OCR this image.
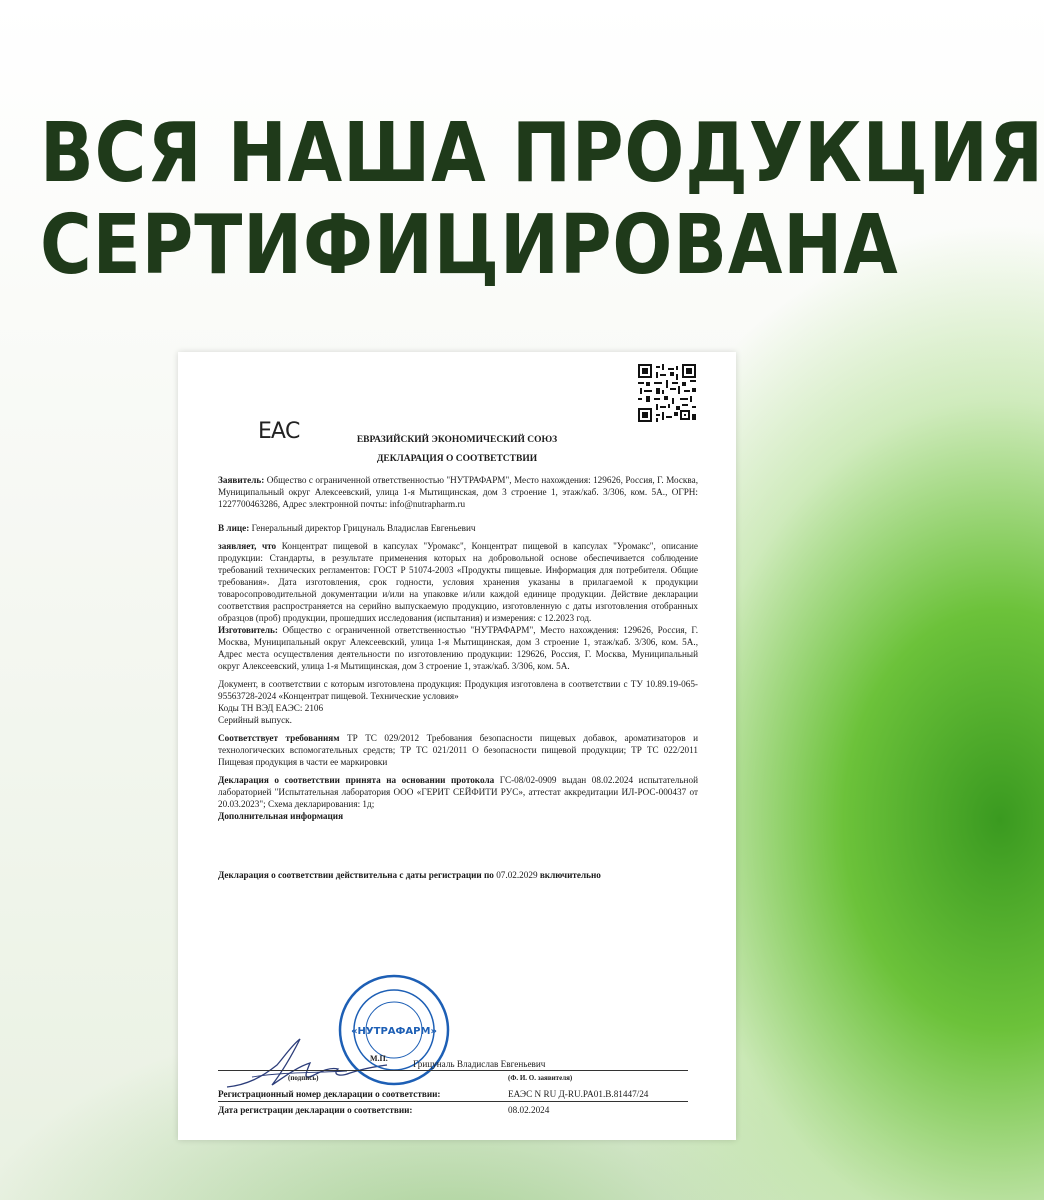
ВСЯ НАША ПРОДУКЦИЯ
СЕРТИФИЦИРОВАНА
ЕАС	ЕВРАЗИЙСКИЙ ЭКОНОМИЧЕСКИЙ СОЮЗ
ДЕКЛАРАЦИЯ О СООТВЕТСТВИИ

Заявитель: Общество с ограниченной ответственностью "НУТРАФАРМ", Место нахождения: 129626, Россия, Г. Москва, Муниципальный округ Алексеевский, улица 1-я Мытищинская, дом 3 строение 1, этаж/каб. 3/306, ком. 5А., ОГРН: 1227700463286, Адрес электронной почты: info@nutrapharm.ru

В лице: Генеральный директор Грицуналь Владислав Евгеньевич

заявляет, что Концентрат пищевой в капсулах "Уромакс", Концентрат пищевой в капсулах "Уромакс", описание продукции: Стандарты, в результате применения которых на добровольной основе обеспечивается соблюдение требований технических регламентов: ГОСТ Р 51074-2003 «Продукты пищевые. Информация для потребителя. Общие требования». Дата изготовления, срок годности, условия хранения указаны в прилагаемой к продукции товаросопроводительной документации и/или на упаковке и/или каждой единице продукции. Действие декларации соответствия распространяется на серийно выпускаемую продукцию, изготовленную с даты изготовления отобранных образцов (проб) продукции, прошедших исследования (испытания) и измерения: с 12.2023 год.

Изготовитель: Общество с ограниченной ответственностью "НУТРАФАРМ", Место нахождения: 129626, Россия, Г. Москва, Муниципальный округ Алексеевский, улица 1-я Мытищинская, дом 3 строение 1, этаж/каб. 3/306, ком. 5А., Адрес места осуществления деятельности по изготовлению продукции: 129626, Россия, Г. Москва, Муниципальный округ Алексеевский, улица 1-я Мытищинская, дом 3 строение 1, этаж/каб. 3/306, ком. 5А.

Документ, в соответствии с которым изготовлена продукция: Продукция изготовлена в соответствии с ТУ 10.89.19-065-95563728-2024 «Концентрат пищевой. Технические условия»

Коды ТН ВЭД ЕАЭС: 2106

Серийный выпуск.

Соответствует требованиям ТР ТС 029/2012 Требования безопасности пищевых добавок, ароматизаторов и технологических вспомогательных средств; ТР ТС 021/2011 О безопасности пищевой продукции; ТР ТС 022/2011 Пищевая продукция в части ее маркировки

Декларация о соответствии принята на основании протокола ГС-08/02-0909 выдан 08.02.2024 испытательной лабораторией "Испытательная лаборатория ООО «ГЕРИТ СЕЙФИТИ РУС», аттестат аккредитации ИЛ-РОС-000437 от 20.03.2023"; Схема декларирования: 1д;

Дополнительная информация

Декларация о соответствии действительна с даты регистрации по 07.02.2029 включительно
«НУТРАФАРМ»
М.П.
Грицуналь Владислав Евгеньевич
(подпись)	(Ф. И. О. заявителя)
Регистрационный номер декларации о соответствии:	ЕАЭС N RU Д-RU.PA01.B.81447/24
Дата регистрации декларации о соответствии:	08.02.2024
